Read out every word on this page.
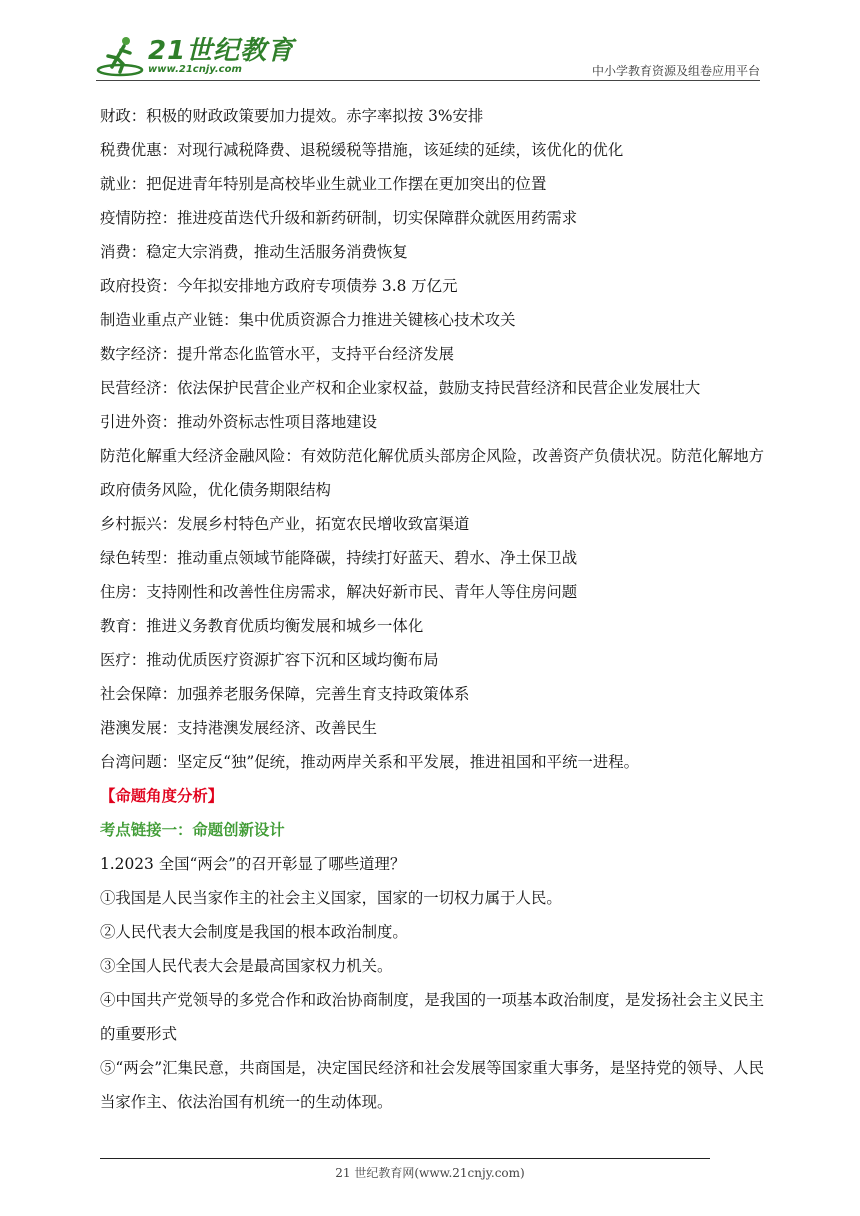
21世纪教育
www.21cnjy.com	中小学教育资源及组卷应用平台
财政：积极的财政政策要加力提效。赤字率拟按 3%安排
税费优惠：对现行减税降费、退税缓税等措施，该延续的延续，该优化的优化
就业：把促进青年特别是高校毕业生就业工作摆在更加突出的位置
疫情防控：推进疫苗迭代升级和新药研制，切实保障群众就医用药需求
消费：稳定大宗消费，推动生活服务消费恢复
政府投资：今年拟安排地方政府专项债券 3.8 万亿元
制造业重点产业链：集中优质资源合力推进关键核心技术攻关
数字经济：提升常态化监管水平，支持平台经济发展
民营经济：依法保护民营企业产权和企业家权益，鼓励支持民营经济和民营企业发展壮大
引进外资：推动外资标志性项目落地建设
防范化解重大经济金融风险：有效防范化解优质头部房企风险，改善资产负债状况。防范化解地方政府债务风险，优化债务期限结构
乡村振兴：发展乡村特色产业，拓宽农民增收致富渠道
绿色转型：推动重点领域节能降碳，持续打好蓝天、碧水、净土保卫战
住房：支持刚性和改善性住房需求，解决好新市民、青年人等住房问题
教育：推进义务教育优质均衡发展和城乡一体化
医疗：推动优质医疗资源扩容下沉和区域均衡布局
社会保障：加强养老服务保障，完善生育支持政策体系
港澳发展：支持港澳发展经济、改善民生
台湾问题：坚定反“独”促统，推动两岸关系和平发展，推进祖国和平统一进程。
【命题角度分析】
考点链接一：命题创新设计
1.2023 全国“两会”的召开彰显了哪些道理？
①我国是人民当家作主的社会主义国家，国家的一切权力属于人民。
②人民代表大会制度是我国的根本政治制度。
③全国人民代表大会是最高国家权力机关。
④中国共产党领导的多党合作和政治协商制度，是我国的一项基本政治制度，是发扬社会主义民主的重要形式
⑤“两会”汇集民意，共商国是，决定国民经济和社会发展等国家重大事务，是坚持党的领导、人民当家作主、依法治国有机统一的生动体现。
21 世纪教育网(www.21cnjy.com)
